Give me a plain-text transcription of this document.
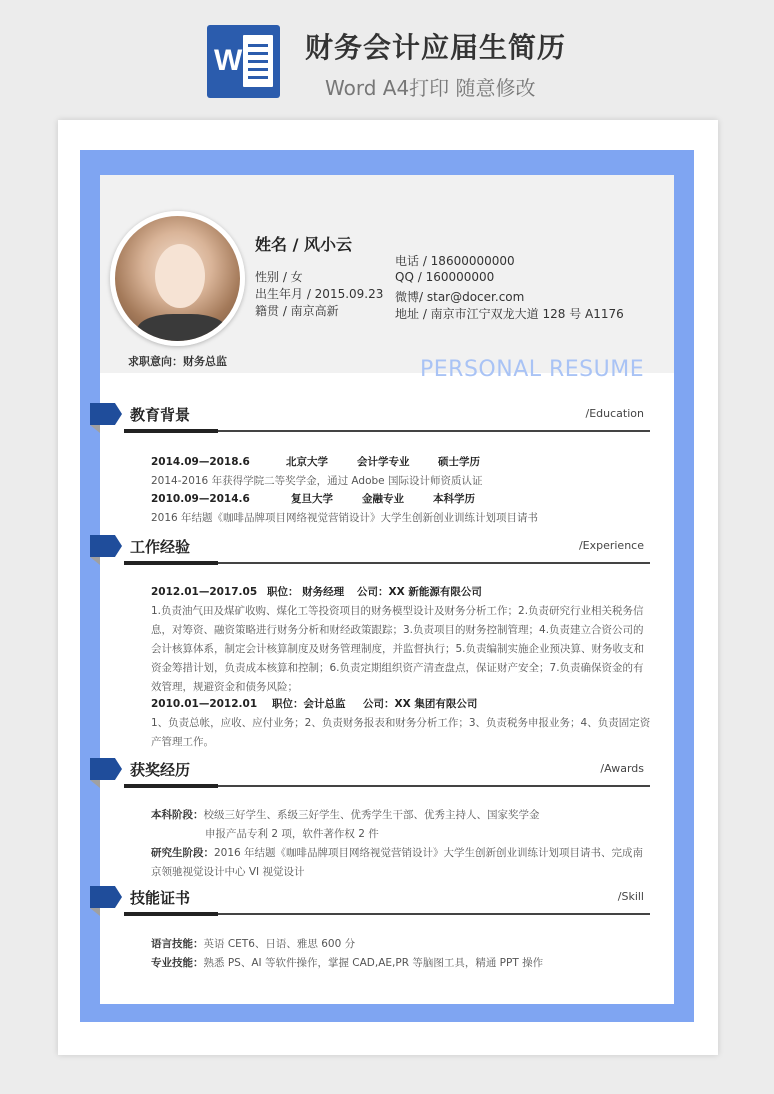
W 财务会计应届生简历
Word A4打印 随意修改
姓名 / 风小云
性别 / 女
出生年月 / 2015.09.23
籍贯 / 南京高新
电话 / 18600000000
QQ / 160000000
微博/ star@docer.com
地址 / 南京市江宁双龙大道 128 号 A1176
求职意向：财务总监	PERSONAL RESUME
教育背景	/Education
2014.09—2018.6	北京大学	会计学专业	硕士学历
2014-2016 年获得学院二等奖学金，通过 Adobe 国际设计师资质认证
2010.09—2014.6	复旦大学	金融专业	本科学历
2016 年结题《咖啡品牌项目网络视觉营销设计》大学生创新创业训练计划项目请书
工作经验	/Experience
2012.01—2017.05 职位： 财务经理 公司：XX 新能源有限公司
1.负责油气田及煤矿收购、煤化工等投资项目的财务模型设计及财务分析工作；2.负责研究行业相关税务信息，对筹资、融资策略进行财务分析和财经政策跟踪；3.负责项目的财务控制管理；4.负责建立合资公司的会计核算体系，制定会计核算制度及财务管理制度，并监督执行；5.负责编制实施企业预决算、财务收支和资金筹措计划，负责成本核算和控制；6.负责定期组织资产清查盘点，保证财产安全；7.负责确保资金的有效管理，规避资金和债务风险；
2010.01—2012.01 职位：会计总监 公司：XX 集团有限公司
1、负责总帐，应收、应付业务；2、负责财务报表和财务分析工作；3、负责税务申报业务；4、负责固定资产管理工作。
获奖经历	/Awards
本科阶段：校级三好学生、系级三好学生、优秀学生干部、优秀主持人、国家奖学金
申报产品专利 2 项，软件著作权 2 件
研究生阶段：2016 年结题《咖啡品牌项目网络视觉营销设计》大学生创新创业训练计划项目请书、完成南京领驰视觉设计中心 VI 视觉设计
技能证书	/Skill
语言技能：英语 CET6、日语、雅思 600 分
专业技能：熟悉 PS、AI 等软件操作，掌握 CAD,AE,PR 等脑图工具，精通 PPT 操作
